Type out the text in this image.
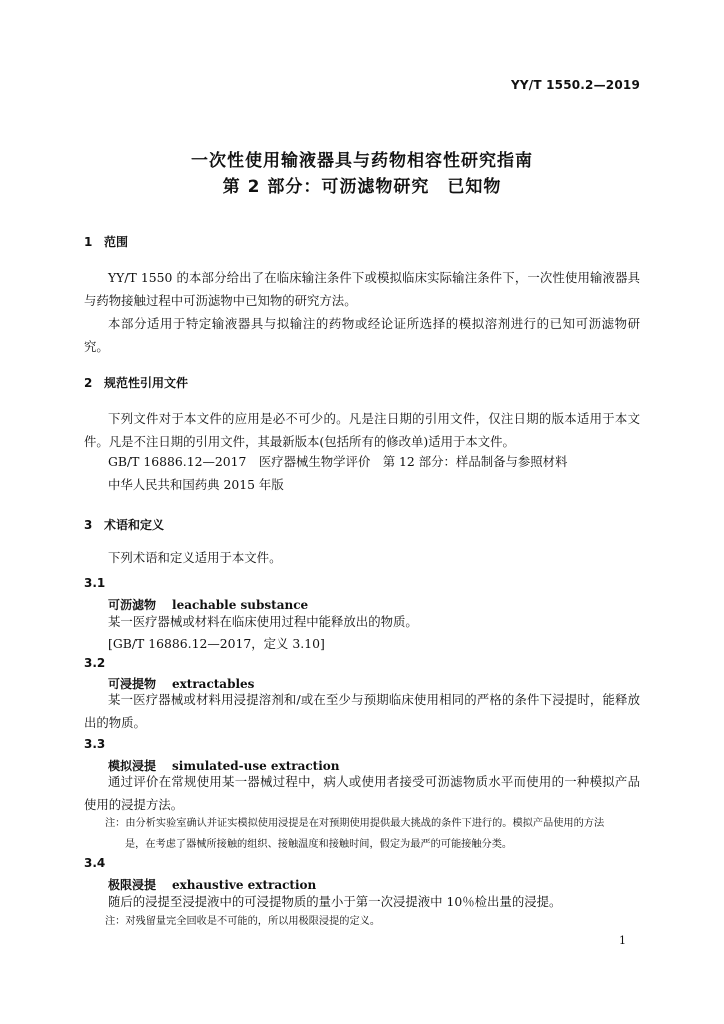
YY/T 1550.2—2019
一次性使用输液器具与药物相容性研究指南
第 2 部分：可沥滤物研究　已知物
1 范围

YY/T 1550 的本部分给出了在临床输注条件下或模拟临床实际输注条件下，一次性使用输液器具与药物接触过程中可沥滤物中已知物的研究方法。

本部分适用于特定输液器具与拟输注的药物或经论证所选择的模拟溶剂进行的已知可沥滤物研究。

2 规范性引用文件

下列文件对于本文件的应用是必不可少的。凡是注日期的引用文件，仅注日期的版本适用于本文件。凡是不注日期的引用文件，其最新版本(包括所有的修改单)适用于本文件。

GB/T 16886.12—2017　医疗器械生物学评价　第 12 部分：样品制备与参照材料
中华人民共和国药典 2015 年版
3 术语和定义
下列术语和定义适用于本文件。
3.1
可沥滤物 leachable substance
某一医疗器械或材料在临床使用过程中能释放出的物质。
[GB/T 16886.12—2017，定义 3.10]
3.2
可浸提物 extractables

某一医疗器械或材料用浸提溶剂和/或在至少与预期临床使用相同的严格的条件下浸提时，能释放出的物质。

3.3
模拟浸提 simulated-use extraction

通过评价在常规使用某一器械过程中，病人或使用者接受可沥滤物质水平而使用的一种模拟产品使用的浸提方法。

注：由分析实验室确认并证实模拟使用浸提是在对预期使用提供最大挑战的条件下进行的。模拟产品使用的方法
是，在考虑了器械所接触的组织、接触温度和接触时间，假定为最严的可能接触分类。
3.4
极限浸提 exhaustive extraction
随后的浸提至浸提液中的可浸提物质的量小于第一次浸提液中 10％检出量的浸提。
注：对残留量完全回收是不可能的，所以用极限浸提的定义。
1
